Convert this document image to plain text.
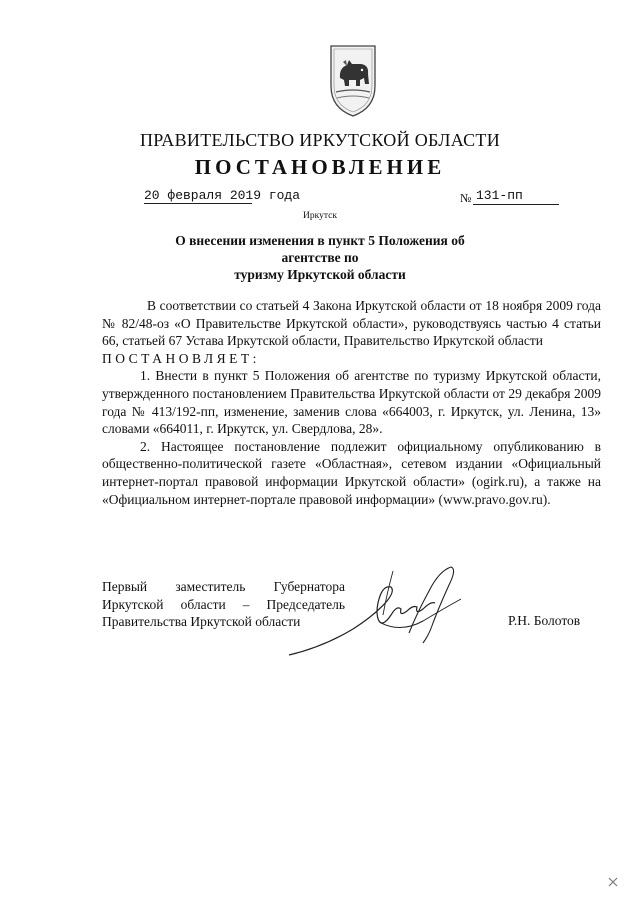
ПРАВИТЕЛЬСТВО ИРКУТСКОЙ ОБЛАСТИ
ПОСТАНОВЛЕНИЕ
20 февраля 2019 года	№ 131-пп
Иркутск
О внесении изменения в пункт 5 Положения об агентстве по
туризму Иркутской области

В соответствии со статьей 4 Закона Иркутской области от 18 ноября 2009 года № 82/48-оз «О Правительстве Иркутской области», руководствуясь частью 4 статьи 66, статьей 67 Устава Иркутской области, Правительство Иркутской области

ПОСТАНОВЛЯЕТ:

1. Внести в пункт 5 Положения об агентстве по туризму Иркутской области, утвержденного постановлением Правительства Иркутской области от 29 декабря 2009 года № 413/192-пп, изменение, заменив слова «664003, г. Иркутск, ул. Ленина, 13» словами «664011, г. Иркутск, ул. Свердлова, 28».

2. Настоящее постановление подлежит официальному опубликованию в общественно-политической газете «Областная», сетевом издании «Официальный интернет-портал правовой информации Иркутской области» (ogirk.ru), а также на «Официальном интернет-портале правовой информации» (www.pravo.gov.ru).

Первый заместитель Губернатора

Иркутской области – Председатель

Правительства Иркутской области	Р.Н. Болотов
